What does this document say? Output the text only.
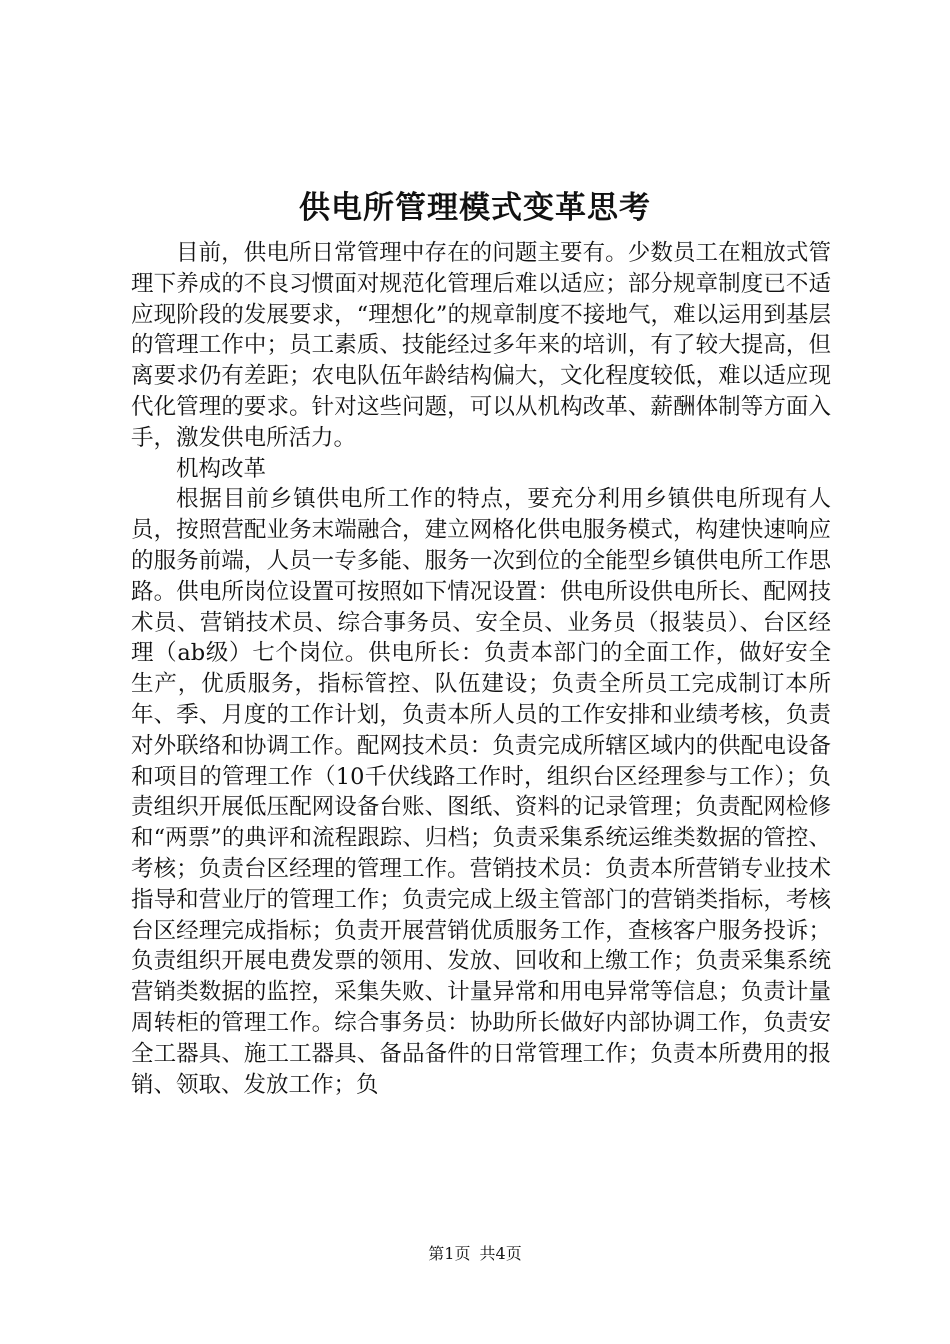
供电所管理模式变革思考

目前，供电所日常管理中存在的问题主要有。少数员工在粗放式管理下养成的不良习惯面对规范化管理后难以适应；部分规章制度已不适应现阶段的发展要求，“理想化”的规章制度不接地气，难以运用到基层的管理工作中；员工素质、技能经过多年来的培训，有了较大提高，但离要求仍有差距；农电队伍年龄结构偏大，文化程度较低，难以适应现代化管理的要求。针对这些问题，可以从机构改革、薪酬体制等方面入手，激发供电所活力。

机构改革

根据目前乡镇供电所工作的特点，要充分利用乡镇供电所现有人员，按照营配业务末端融合，建立网格化供电服务模式，构建快速响应的服务前端，人员一专多能、服务一次到位的全能型乡镇供电所工作思路。供电所岗位设置可按照如下情况设置：供电所设供电所长、配网技术员、营销技术员、综合事务员、安全员、业务员（报装员）、台区经理（ab级）七个岗位。供电所长：负责本部门的全面工作，做好安全生产，优质服务，指标管控、队伍建设；负责全所员工完成制订本所年、季、月度的工作计划，负责本所人员的工作安排和业绩考核，负责对外联络和协调工作。配网技术员：负责完成所辖区域内的供配电设备和项目的管理工作（10千伏线路工作时，组织台区经理参与工作）；负责组织开展低压配网设备台账、图纸、资料的记录管理；负责配网检修和“两票”的典评和流程跟踪、归档；负责采集系统运维类数据的管控、考核；负责台区经理的管理工作。营销技术员：负责本所营销专业技术指导和营业厅的管理工作；负责完成上级主管部门的营销类指标，考核台区经理完成指标；负责开展营销优质服务工作，查核客户服务投诉；负责组织开展电费发票的领用、发放、回收和上缴工作；负责采集系统营销类数据的监控，采集失败、计量异常和用电异常等信息；负责计量周转柜的管理工作。综合事务员：协助所长做好内部协调工作，负责安全工器具、施工工器具、备品备件的日常管理工作；负责本所费用的报销、领取、发放工作；负

第1页 共4页
